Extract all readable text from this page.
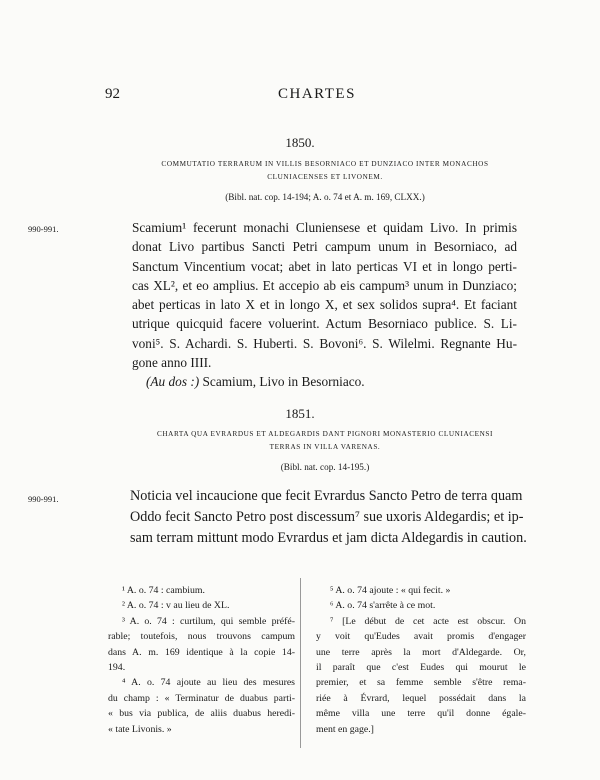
92	CHARTES
1850.
COMMUTATIO TERRARUM IN VILLIS BESORNIACO ET DUNZIACO INTER MONACHOS
CLUNIACENSES ET LIVONEM.
(Bibl. nat. cop. 14-194; A. o. 74 et A. m. 169, CLXX.)
990-991.	Scamium¹ fecerunt monachi Cluniensese et quidam Livo. In primis
donat Livo partibus Sancti Petri campum unum in Besorniaco, ad
Sanctum Vincentium vocat; abet in lato perticas VI et in longo perti-
cas XL², et eo amplius. Et accepio ab eis campum³ unum in Dunziaco;
abet perticas in lato X et in longo X, et sex solidos supra⁴. Et faciant
utrique quicquid facere voluerint. Actum Besorniaco publice. S. Li-
voni⁵. S. Achardi. S. Huberti. S. Bovoni⁶. S. Wilelmi. Regnante Hu-
gone anno IIII.
(Au dos :) Scamium, Livo in Besorniaco.
1851.
CHARTA QUA EVRARDUS ET ALDEGARDIS DANT PIGNORI MONASTERIO CLUNIACENSI
TERRAS IN VILLA VARENAS.
(Bibl. nat. cop. 14-195.)
990-991.	Noticia vel incaucione que fecit Evrardus Sancto Petro de terra quam
Oddo fecit Sancto Petro post discessum⁷ sue uxoris Aldegardis; et ip-
sam terram mittunt modo Evrardus et jam dicta Aldegardis in caution.
¹ A. o. 74 : cambium.
² A. o. 74 : v au lieu de XL.
³ A. o. 74 : curtilum, qui semble préfé-
rable; toutefois, nous trouvons campum
dans A. m. 169 identique à la copie 14-
194.
⁴ A. o. 74 ajoute au lieu des mesures
du champ : « Terminatur de duabus parti-
« bus via publica, de aliis duabus heredi-
« tate Livonis. »
⁵ A. o. 74 ajoute : « qui fecit. »
⁶ A. o. 74 s'arrête à ce mot.
⁷ [Le début de cet acte est obscur. On
y voit qu'Eudes avait promis d'engager
une terre après la mort d'Aldegarde. Or,
il paraît que c'est Eudes qui mourut le
premier, et sa femme semble s'être rema-
riée à Évrard, lequel possédait dans la
même villa une terre qu'il donne égale-
ment en gage.]
